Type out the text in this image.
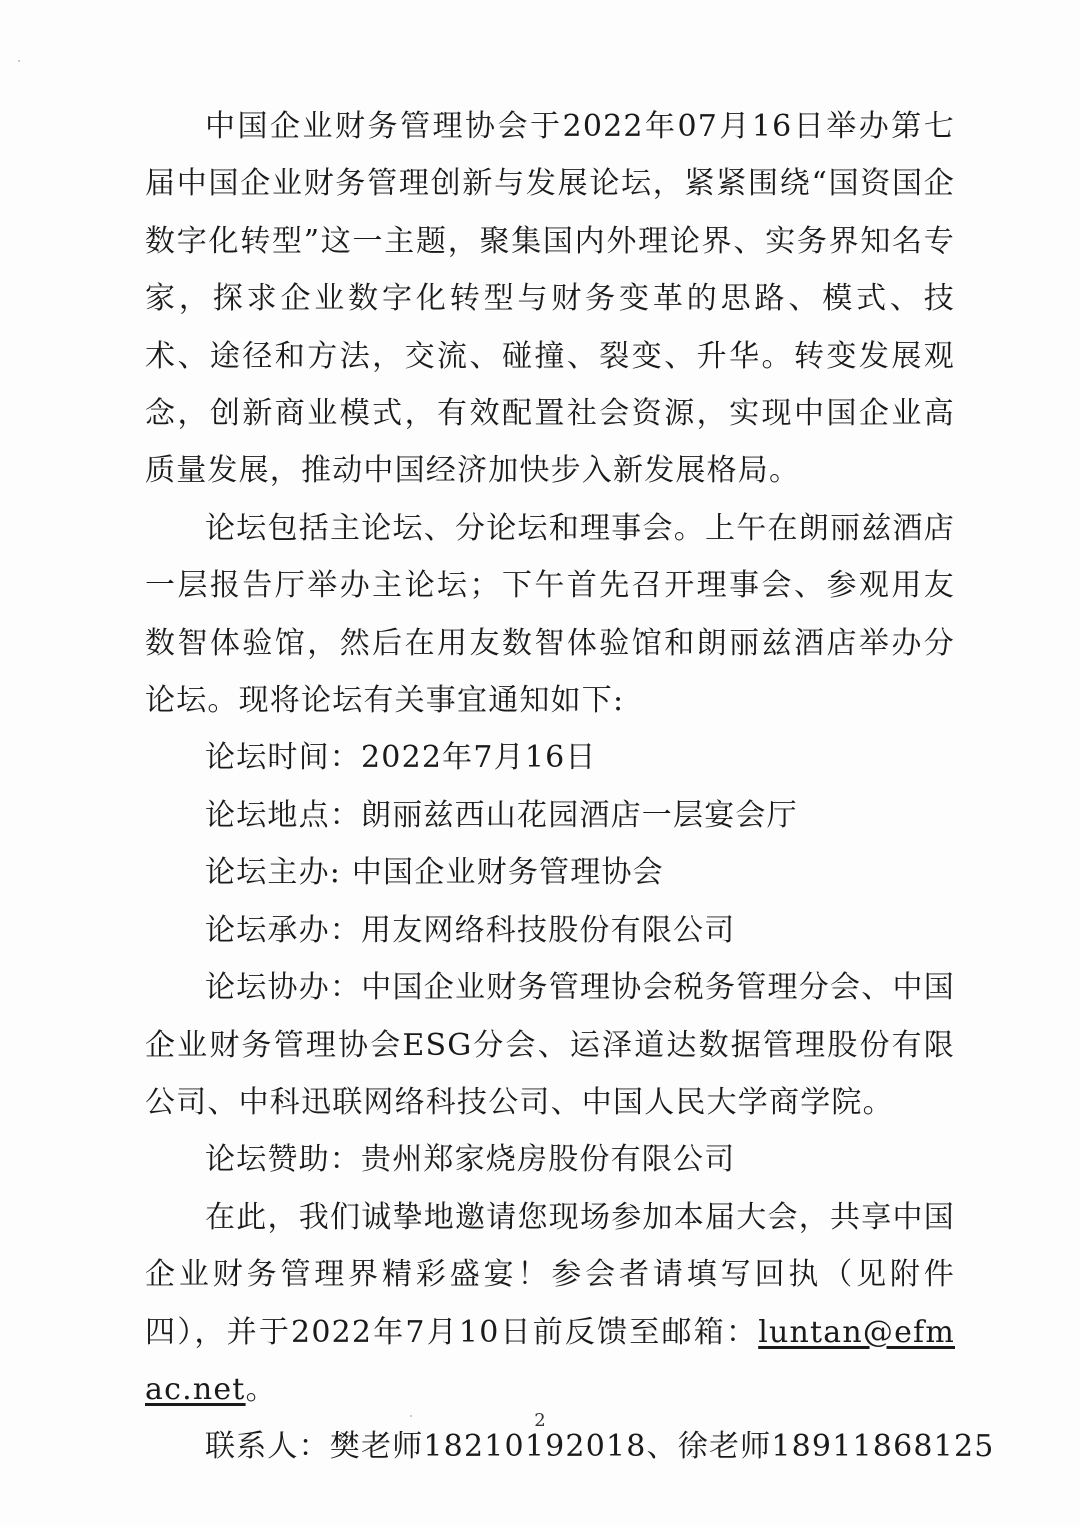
中国企业财务管理协会于2022年07月16日举办第七届中国企业财务管理创新与发展论坛，紧紧围绕“国资国企数字化转型”这一主题，聚集国内外理论界、实务界知名专家，探求企业数字化转型与财务变革的思路、模式、技术、途径和方法，交流、碰撞、裂变、升华。转变发展观念，创新商业模式，有效配置社会资源，实现中国企业高质量发展，推动中国经济加快步入新发展格局。

论坛包括主论坛、分论坛和理事会。上午在朗丽兹酒店一层报告厅举办主论坛；下午首先召开理事会、参观用友数智体验馆，然后在用友数智体验馆和朗丽兹酒店举办分论坛。现将论坛有关事宜通知如下:

论坛时间：2022年7月16日

论坛地点：朗丽兹西山花园酒店一层宴会厅

论坛主办: 中国企业财务管理协会

论坛承办：用友网络科技股份有限公司

论坛协办：中国企业财务管理协会税务管理分会、中国企业财务管理协会ESG分会、运泽道达数据管理股份有限公司、中科迅联网络科技公司、中国人民大学商学院。

论坛赞助：贵州郑家烧房股份有限公司

在此，我们诚挚地邀请您现场参加本届大会，共享中国企业财务管理界精彩盛宴！参会者请填写回执（见附件四），并于2022年7月10日前反馈至邮箱：luntan@efmac.net。

联系人：樊老师18210192018、徐老师18911868125

2
